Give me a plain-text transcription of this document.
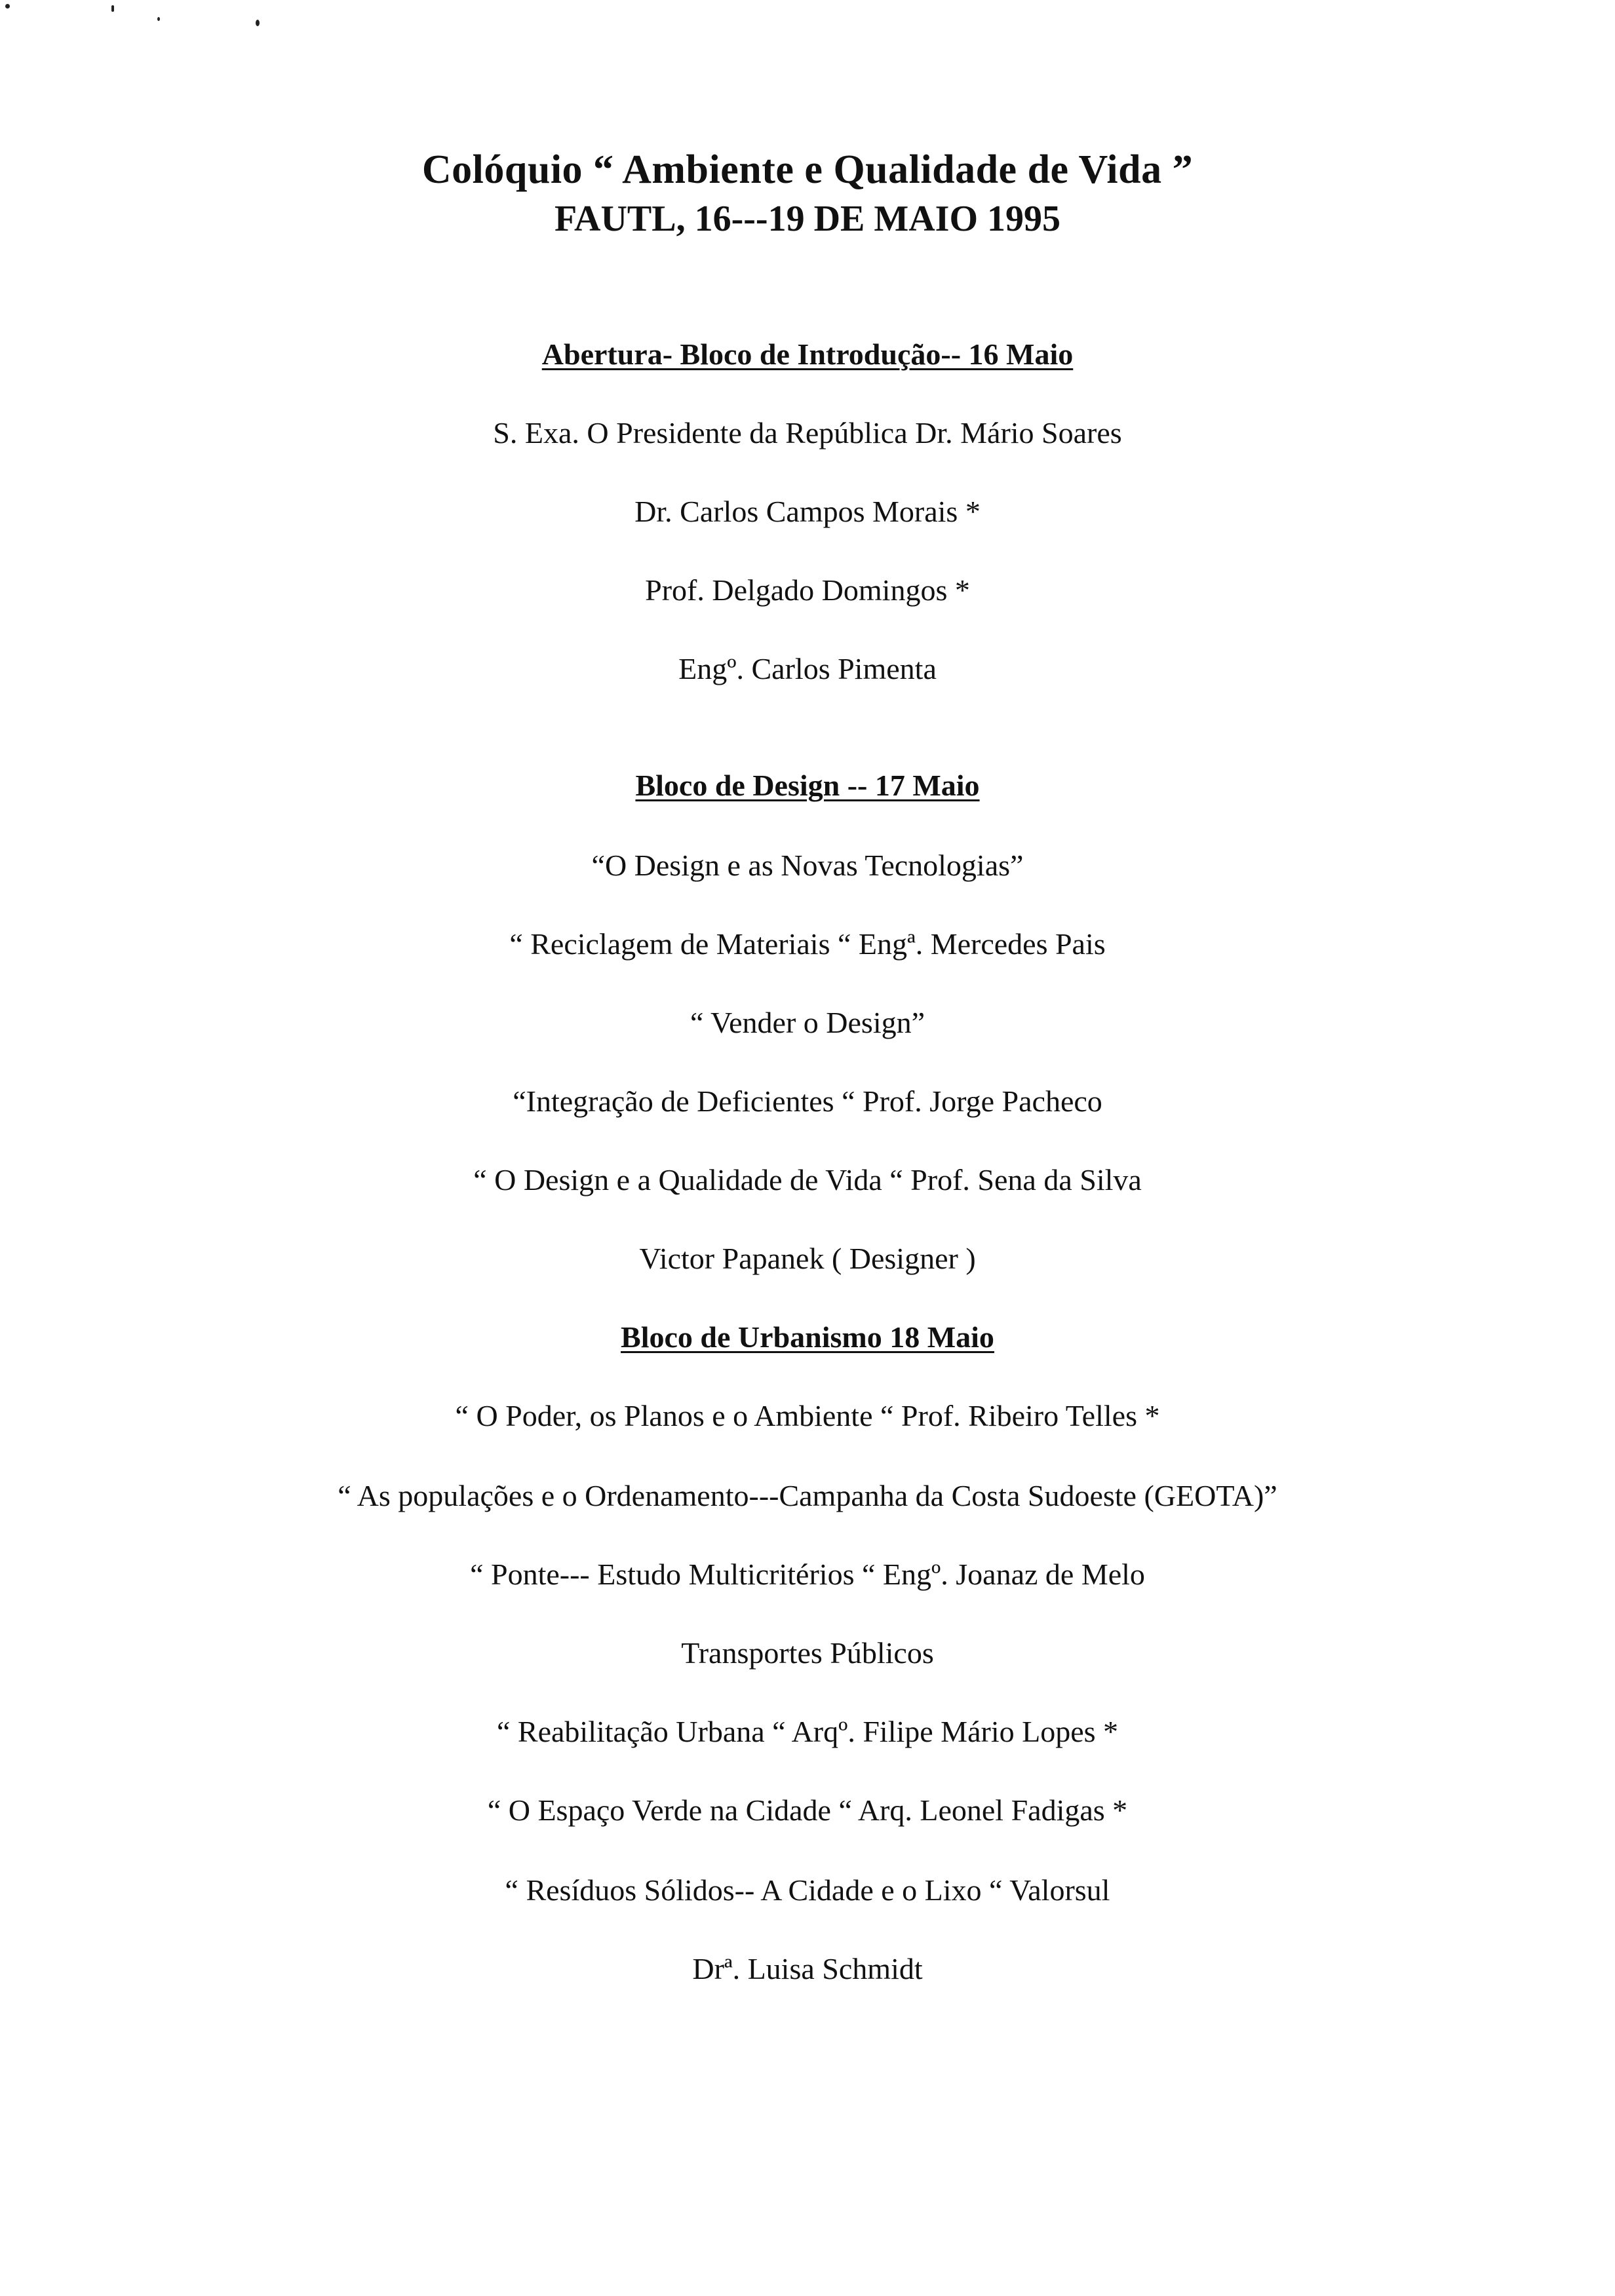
Colóquio “ Ambiente e Qualidade de Vida ”
FAUTL, 16---19 DE MAIO 1995
Abertura- Bloco de Introdução-- 16 Maio
S. Exa. O Presidente da República Dr. Mário Soares
Dr. Carlos Campos Morais *
Prof. Delgado Domingos *
Engº. Carlos Pimenta
Bloco de Design -- 17 Maio
“O Design e as Novas Tecnologias”
“ Reciclagem de Materiais “ Engª. Mercedes Pais
“ Vender o Design”
“Integração de Deficientes “ Prof. Jorge Pacheco
“ O Design e a Qualidade de Vida “ Prof. Sena da Silva
Victor Papanek ( Designer )
Bloco de Urbanismo 18 Maio
“ O Poder, os Planos e o Ambiente “ Prof. Ribeiro Telles *
“ As populações e o Ordenamento---Campanha da Costa Sudoeste (GEOTA)”
“ Ponte--- Estudo Multicritérios “ Engº. Joanaz de Melo
Transportes Públicos
“ Reabilitação Urbana “ Arqº. Filipe Mário Lopes *
“ O Espaço Verde na Cidade “ Arq. Leonel Fadigas *
“ Resíduos Sólidos-- A Cidade e o Lixo “ Valorsul
Drª. Luisa Schmidt
